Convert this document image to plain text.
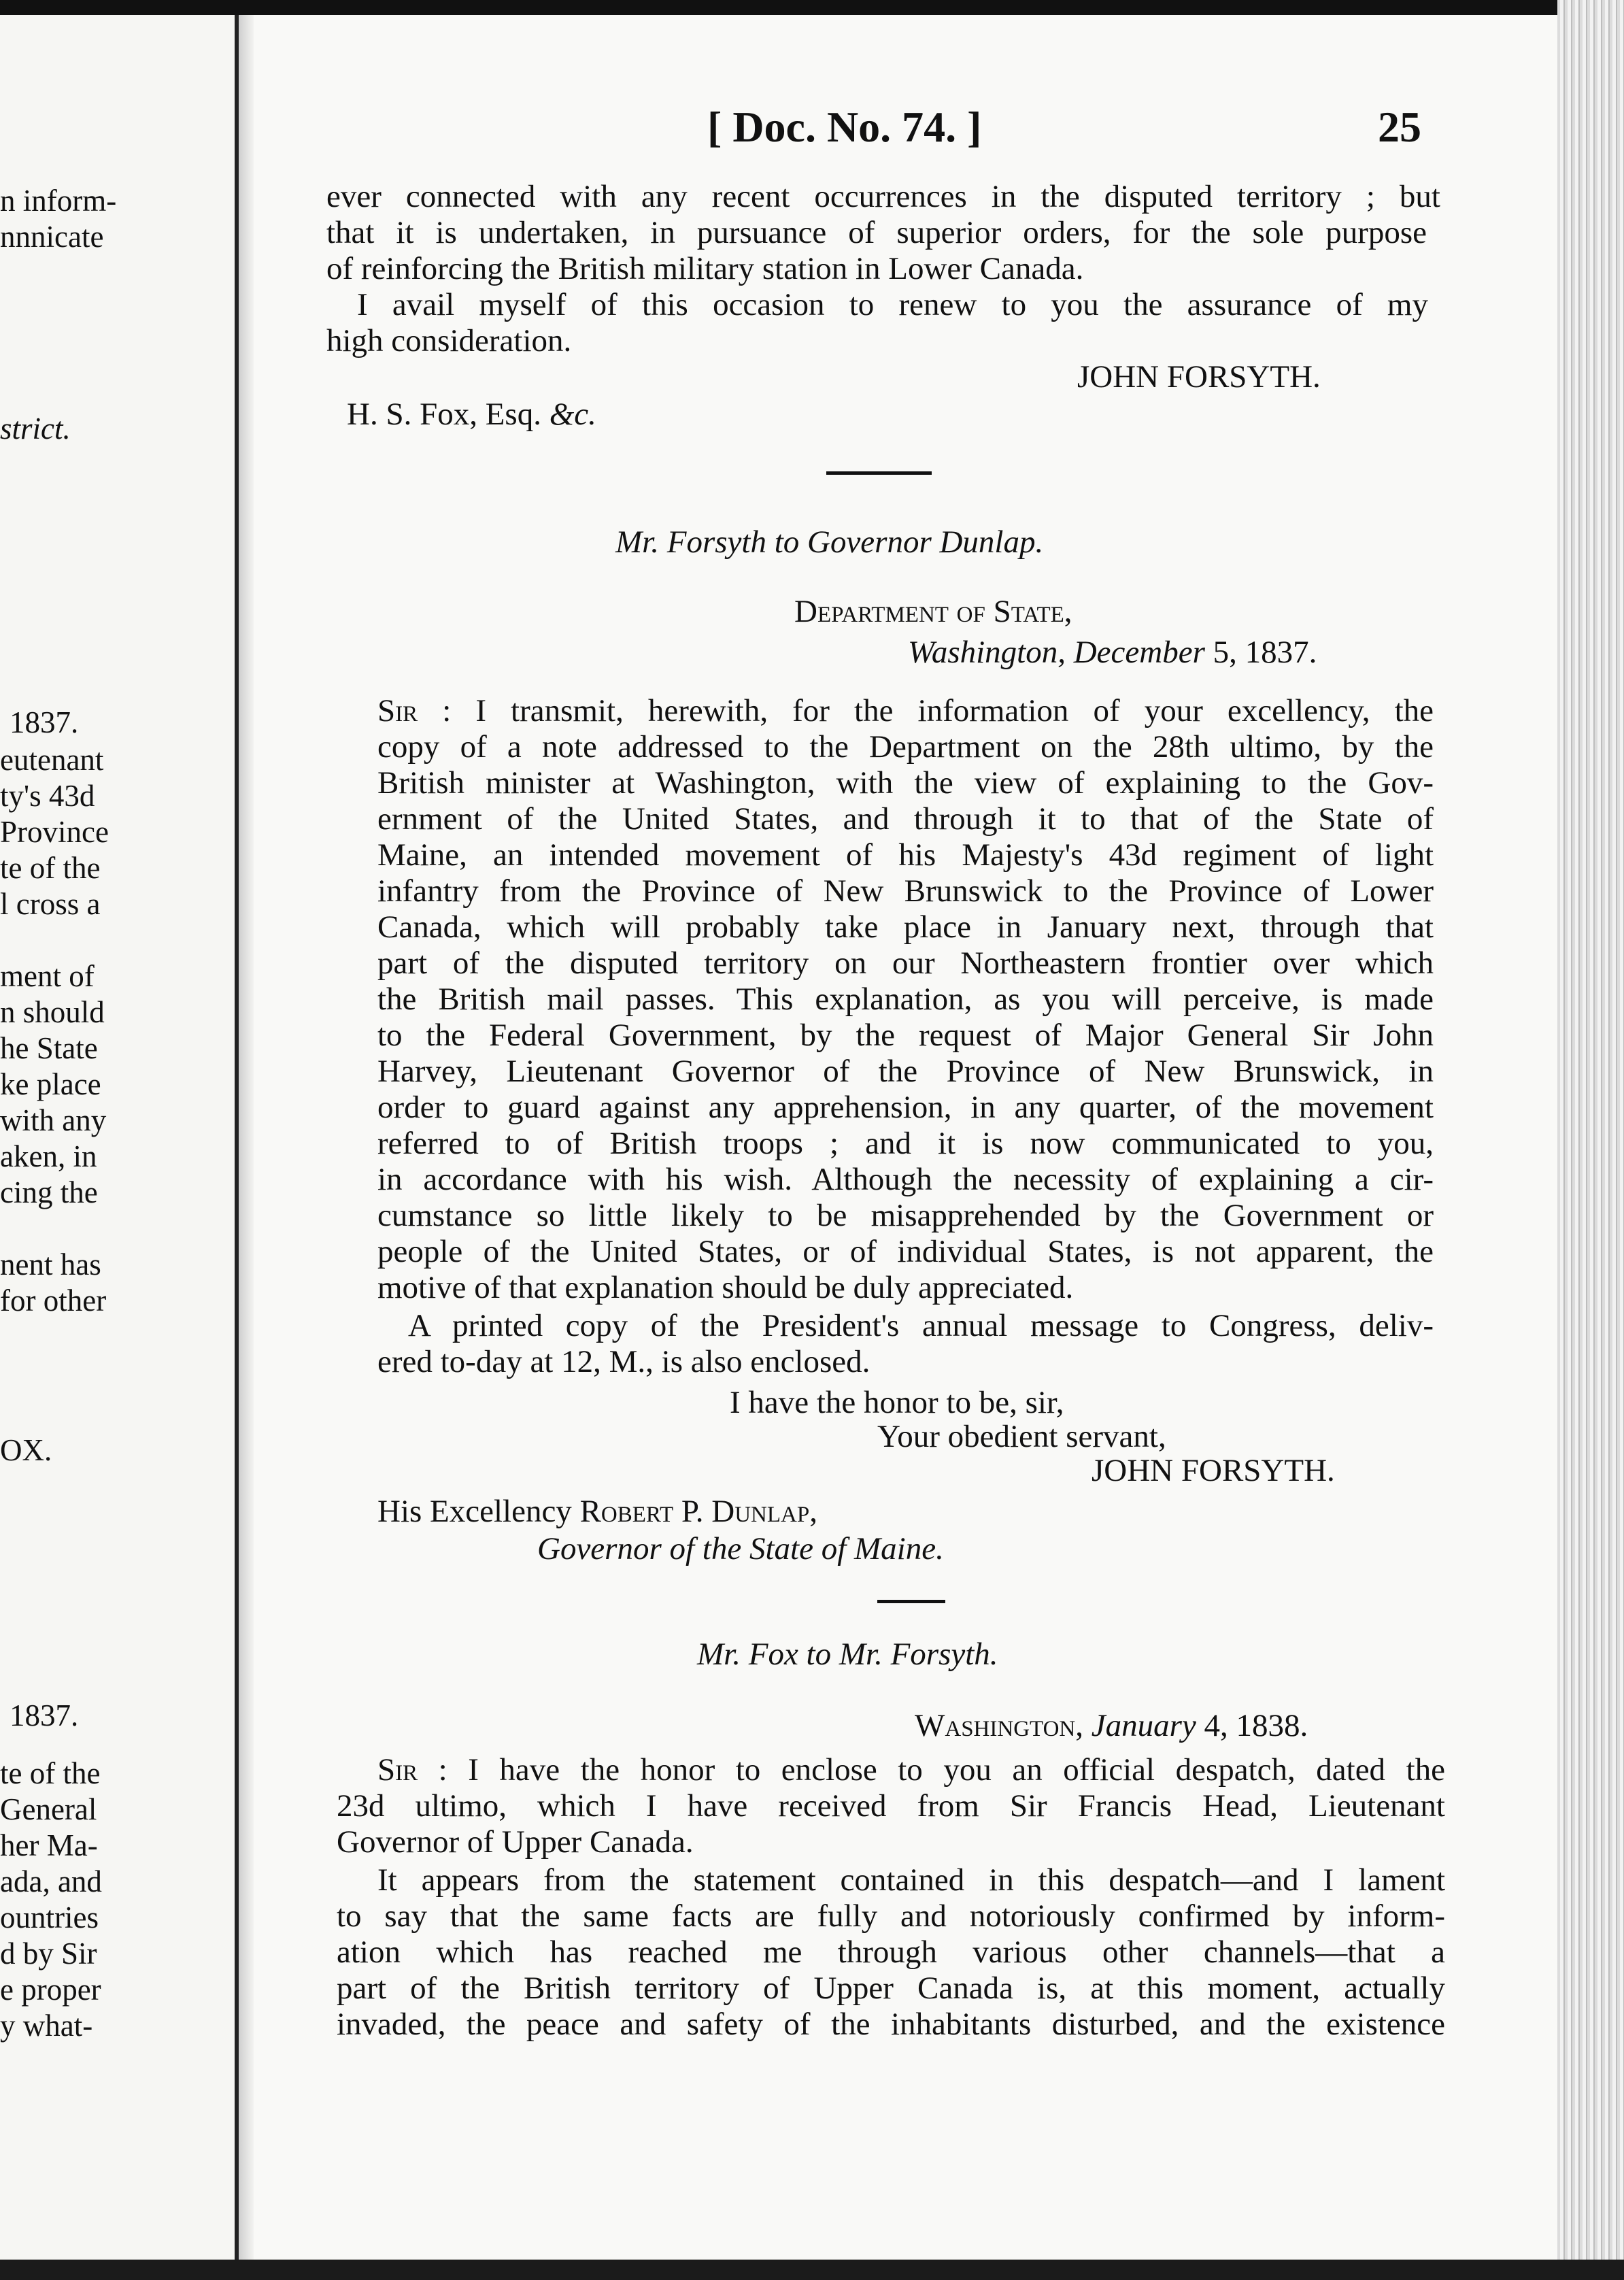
n inform-
nnnicate
strict.
1837.
eutenant
ty's 43d
Province
te of the
l cross a
ment of
n should
he State
ke place
with any
aken, in
cing the
nent has
for other
OX.
1837.
te of the
General
her Ma-
ada, and
ountries
d by Sir
e proper
y what-
[ Doc. No. 74. ]	25
ever connected with any recent occurrences in the disputed territory ; but
that it is undertaken, in pursuance of superior orders, for the sole purpose
of reinforcing the British military station in Lower Canada.
I avail myself of this occasion to renew to you the assurance of my
high consideration.
JOHN FORSYTH.
H. S. Fox, Esq. &c.
Mr. Forsyth to Governor Dunlap.
Department of State,
Washington, December 5, 1837.
Sir : I transmit, herewith, for the information of your excellency, the
copy of a note addressed to the Department on the 28th ultimo, by the
British minister at Washington, with the view of explaining to the Gov-
ernment of the United States, and through it to that of the State of
Maine, an intended movement of his Majesty's 43d regiment of light
infantry from the Province of New Brunswick to the Province of Lower
Canada, which will probably take place in January next, through that
part of the disputed territory on our Northeastern frontier over which
the British mail passes. This explanation, as you will perceive, is made
to the Federal Government, by the request of Major General Sir John
Harvey, Lieutenant Governor of the Province of New Brunswick, in
order to guard against any apprehension, in any quarter, of the movement
referred to of British troops ; and it is now communicated to you,
in accordance with his wish. Although the necessity of explaining a cir-
cumstance so little likely to be misapprehended by the Government or
people of the United States, or of individual States, is not apparent, the
motive of that explanation should be duly appreciated.
A printed copy of the President's annual message to Congress, deliv-
ered to-day at 12, M., is also enclosed.
I have the honor to be, sir,
Your obedient servant,
JOHN FORSYTH.
His Excellency Robert P. Dunlap,
Governor of the State of Maine.
Mr. Fox to Mr. Forsyth.
Washington, January 4, 1838.
Sir : I have the honor to enclose to you an official despatch, dated the
23d ultimo, which I have received from Sir Francis Head, Lieutenant
Governor of Upper Canada.
It appears from the statement contained in this despatch—and I lament
to say that the same facts are fully and notoriously confirmed by inform-
ation which has reached me through various other channels—that a
part of the British territory of Upper Canada is, at this moment, actually
invaded, the peace and safety of the inhabitants disturbed, and the existence
